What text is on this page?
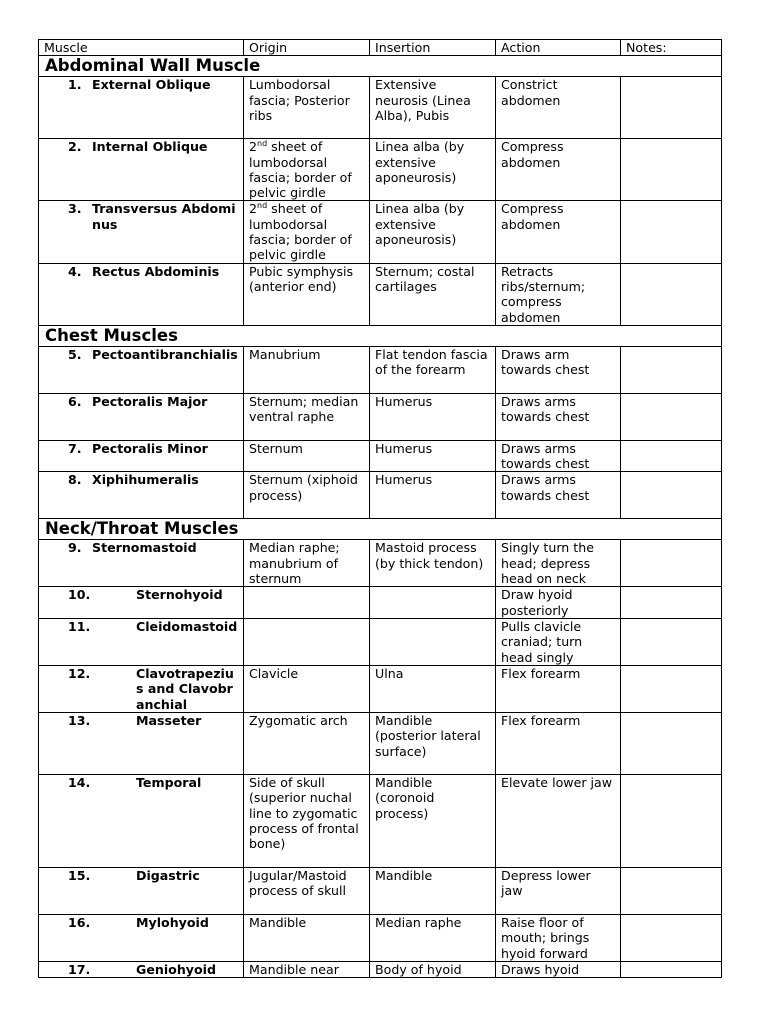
Muscle	Origin	Insertion	Action	Notes:
Abdominal Wall Muscle				

1. External Oblique	Lumbodorsal fascia; Posterior ribs	Extensive neurosis (Linea Alba), Pubis	Constrict abdomen	

2. Internal Oblique	2nd sheet of lumbodorsal fascia; border of pelvic girdle	Linea alba (by extensive aponeurosis)	Compress abdomen	

3. Transversus Abdominus	2nd sheet of lumbodorsal fascia; border of pelvic girdle	Linea alba (by extensive aponeurosis)	Compress abdomen	

4. Rectus Abdominis	Pubic symphysis (anterior end)	Sternum; costal cartilages	Retracts ribs/sternum; compress abdomen	
Chest Muscles				

5. Pectoantibranchialis	Manubrium	Flat tendon fascia of the forearm	Draws arm towards chest	

6. Pectoralis Major	Sternum; median ventral raphe	Humerus	Draws arms towards chest	

7. Pectoralis Minor	Sternum	Humerus	Draws arms towards chest	

8. Xiphihumeralis	Sternum (xiphoid process)	Humerus	Draws arms towards chest	
Neck/Throat Muscles				

9. Sternomastoid	Median raphe; manubrium of sternum	Mastoid process (by thick tendon)	Singly turn the head; depress head on neck	

10. Sternohyoid			Draw hyoid posteriorly	

11. Cleidomastoid			Pulls clavicle craniad; turn head singly	

12. Clavotrapezius and Clavobranchial	Clavicle	Ulna	Flex forearm	

13. Masseter	Zygomatic arch	Mandible (posterior lateral surface)	Flex forearm	

14. Temporal	Side of skull (superior nuchal line to zygomatic process of frontal bone)	Mandible (coronoid process)	Elevate lower jaw	

15. Digastric	Jugular/Mastoid process of skull	Mandible	Depress lower jaw	

16. Mylohyoid	Mandible	Median raphe	Raise floor of mouth; brings hyoid forward	

17. Geniohyoid	Mandible near	Body of hyoid	Draws hyoid	
